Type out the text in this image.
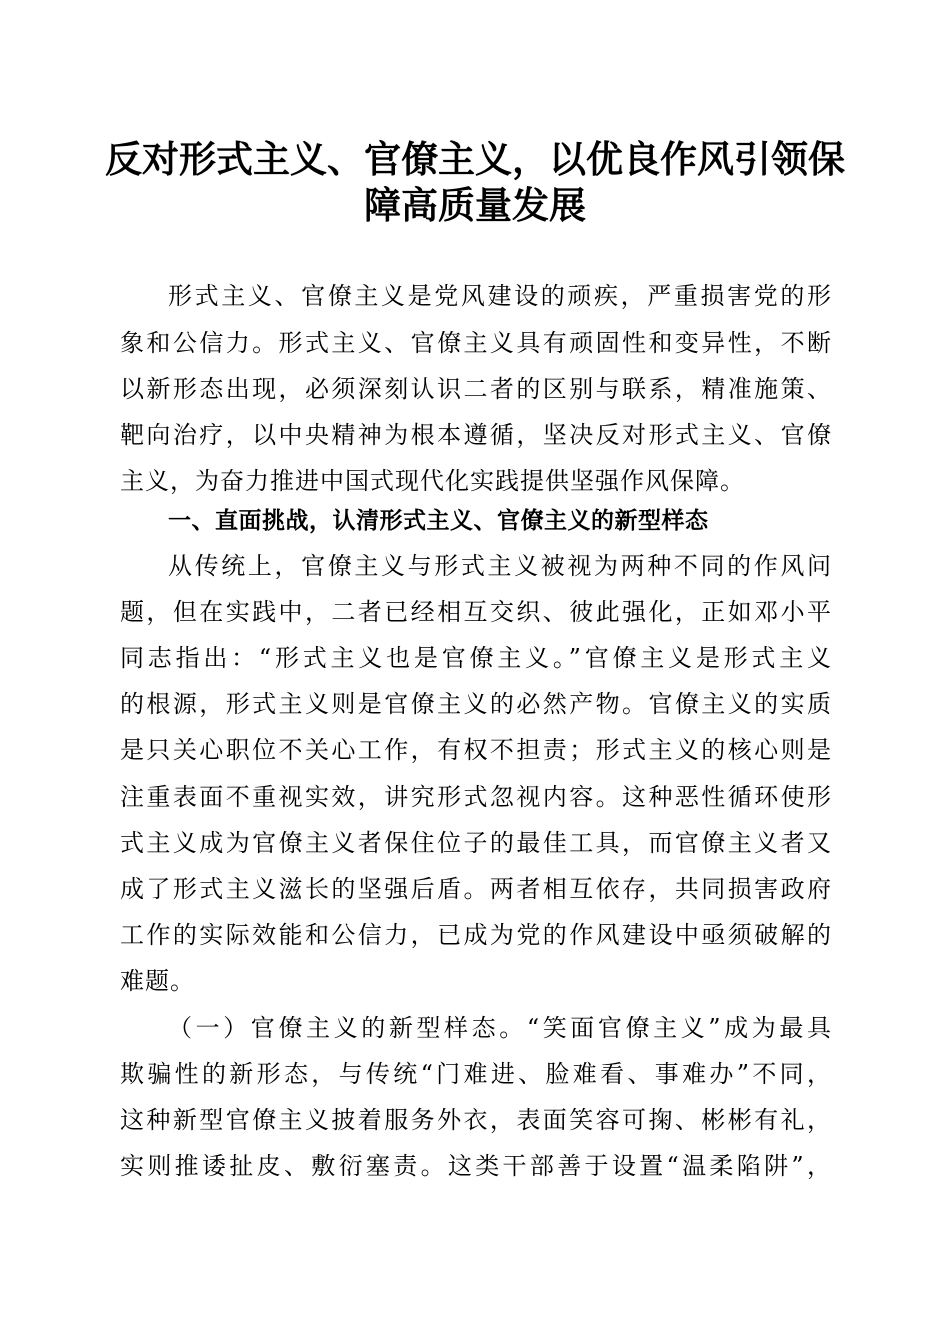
反对形式主义、官僚主义，以优良作风引领保
障高质量发展
形式主义、官僚主义是党风建设的顽疾，严重损害党的形
象和公信力。形式主义、官僚主义具有顽固性和变异性，不断
以新形态出现，必须深刻认识二者的区别与联系，精准施策、
靶向治疗，以中央精神为根本遵循，坚决反对形式主义、官僚
主义，为奋力推进中国式现代化实践提供坚强作风保障。
一、直面挑战，认清形式主义、官僚主义的新型样态
从传统上，官僚主义与形式主义被视为两种不同的作风问
题，但在实践中，二者已经相互交织、彼此强化，正如邓小平
同志指出：“形式主义也是官僚主义。”官僚主义是形式主义
的根源，形式主义则是官僚主义的必然产物。官僚主义的实质
是只关心职位不关心工作，有权不担责；形式主义的核心则是
注重表面不重视实效，讲究形式忽视内容。这种恶性循环使形
式主义成为官僚主义者保住位子的最佳工具，而官僚主义者又
成了形式主义滋长的坚强后盾。两者相互依存，共同损害政府
工作的实际效能和公信力，已成为党的作风建设中亟须破解的
难题。
（一）官僚主义的新型样态。“笑面官僚主义”成为最具
欺骗性的新形态，与传统“门难进、脸难看、事难办”不同，
这种新型官僚主义披着服务外衣，表面笑容可掬、彬彬有礼，
实则推诿扯皮、敷衍塞责。这类干部善于设置“温柔陷阱”，
